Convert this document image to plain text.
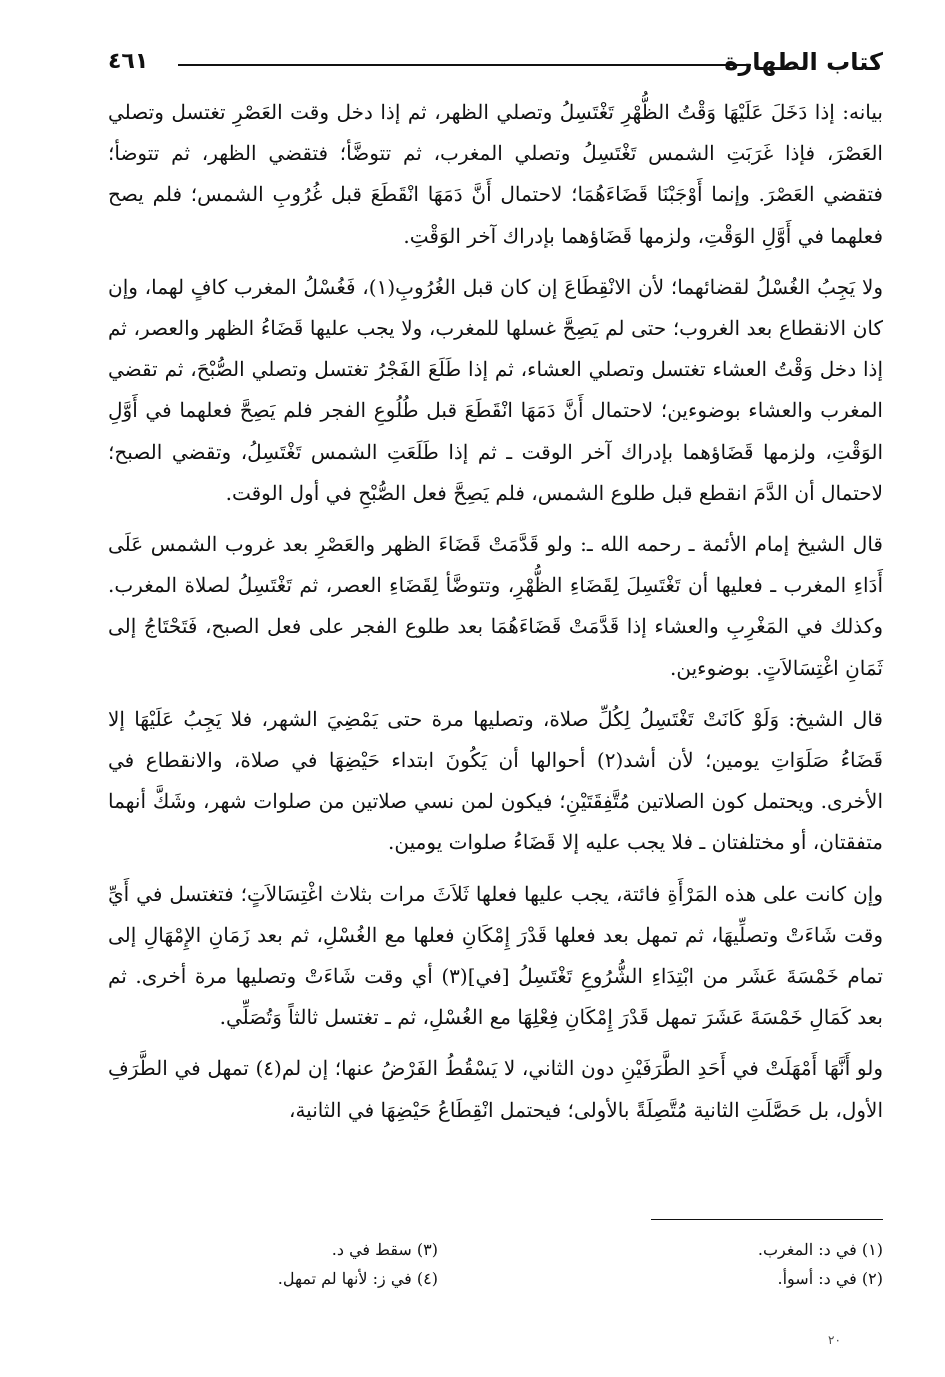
كتاب الطهارة
٤٦١

بيانه: إذا دَخَلَ عَلَيْهَا وَقْتُ الظُّهْرِ تَغْتَسِلُ وتصلي الظهر، ثم إذا دخل وقت العَصْرِ تغتسل وتصلي العَصْرَ، فإذا غَرَبَتِ الشمس تَغْتَسِلُ وتصلي المغرب، ثم تتوضَّأ؛ فتقضي الظهر، ثم تتوضأ؛ فتقضي العَصْرَ. وإنما أَوْجَبْنَا قَضَاءَهُمَا؛ لاحتمال أَنَّ دَمَهَا انْقَطَعَ قبل غُرُوبِ الشمس؛ فلم يصح فعلهما في أَوَّلِ الوَقْتِ، ولزمها قَضَاؤهما بإدراك آخر الوَقْتِ.

ولا يَجِبُ الغُسْلُ لقضائهما؛ لأن الانْقِطَاعَ إن كان قبل الغُرُوبِ(١)، فَغُسْلُ المغرب كافٍ لهما، وإن كان الانقطاع بعد الغروب؛ حتى لم يَصِحَّ غسلها للمغرب، ولا يجب عليها قَضَاءُ الظهر والعصر، ثم إذا دخل وَقْتُ العشاء تغتسل وتصلي العشاء، ثم إذا طَلَعَ الفَجْرُ تغتسل وتصلي الصُّبْحَ، ثم تقضي المغرب والعشاء بوضوءين؛ لاحتمال أَنَّ دَمَهَا انْقَطَعَ قبل طُلُوعِ الفجر فلم يَصِحَّ فعلهما في أَوَّلِ الوَقْتِ، ولزمها قَضَاؤهما بإدراك آخر الوقت ـ ثم إذا طَلَعَتِ الشمس تَغْتَسِلُ، وتقضي الصبح؛ لاحتمال أن الدَّمَ انقطع قبل طلوع الشمس، فلم يَصِحَّ فعل الصُّبْحِ في أول الوقت.

قال الشيخ إمام الأئمة ـ رحمه الله ـ: ولو قَدَّمَتْ قَضَاءَ الظهر والعَصْرِ بعد غروب الشمس عَلَى أَدَاءِ المغرب ـ فعليها أن تَغْتَسِلَ لِقَضَاءِ الظُّهْرِ، وتتوضَّأ لِقَضَاءِ العصر، ثم تَغْتَسِلُ لصلاة المغرب. وكذلك في المَغْرِبِ والعشاء إذا قَدَّمَتْ قَضَاءَهُمَا بعد طلوع الفجر على فعل الصبح، فَتَحْتَاجُ إلى ثَمَانِ اغْتِسَالاَتٍ. بوضوءين.

قال الشيخ: وَلَوْ كَانَتْ تَغْتَسِلُ لِكُلِّ صلاة، وتصليها مرة حتى يَمْضِيَ الشهر، فلا يَجِبُ عَلَيْهَا إلا قَضَاءُ صَلَوَاتِ يومين؛ لأن أشد(٢) أحوالها أن يَكُونَ ابتداء حَيْضِهَا في صلاة، والانقطاع في الأخرى. ويحتمل كون الصلاتين مُتَّفِقَتَيْنِ؛ فيكون لمن نسي صلاتين من صلوات شهر، وشَكَّ أنهما متفقتان، أو مختلفتان ـ فلا يجب عليه إلا قَضَاءُ صلوات يومين.

وإن كانت على هذه المَرْأَةِ فائتة، يجب عليها فعلها ثَلاَثَ مرات بثلاث اغْتِسَالاَتٍ؛ فتغتسل في أَيِّ وقت شَاءَتْ وتصلِّيهَا، ثم تمهل بعد فعلها قَدْرَ إِمْكَانِ فعلها مع الغُسْلِ، ثم بعد زَمَانِ الإِمْهَالِ إلى تمام خَمْسَةَ عَشَر من ابْتِدَاءِ الشُّرُوعِ تَغْتَسِلُ [في](٣) أي وقت شَاءَتْ وتصليها مرة أخرى. ثم بعد كَمَالِ خَمْسَةَ عَشَرَ تمهل قَدْرَ إِمْكَانِ فِعْلِهَا مع الغُسْلِ، ثم ـ تغتسل ثالثاً وَتُصَلِّي.

ولو أَنَّهَا أَمْهَلَتْ في أَحَدِ الطَّرَفَيْنِ دون الثاني، لا يَسْقُطُ الفَرْضُ عنها؛ إن لم(٤) تمهل في الطَّرَفِ الأول، بل حَصَّلَتِ الثانية مُتَّصِلَةً بالأولى؛ فيحتمل انْقِطَاعُ حَيْضِهَا في الثانية،

(١) في د: المغرب.
(٢) في د: أسوأ.
(٣) سقط في د.
(٤) في ز: لأنها لم تمهل.
٢٠
